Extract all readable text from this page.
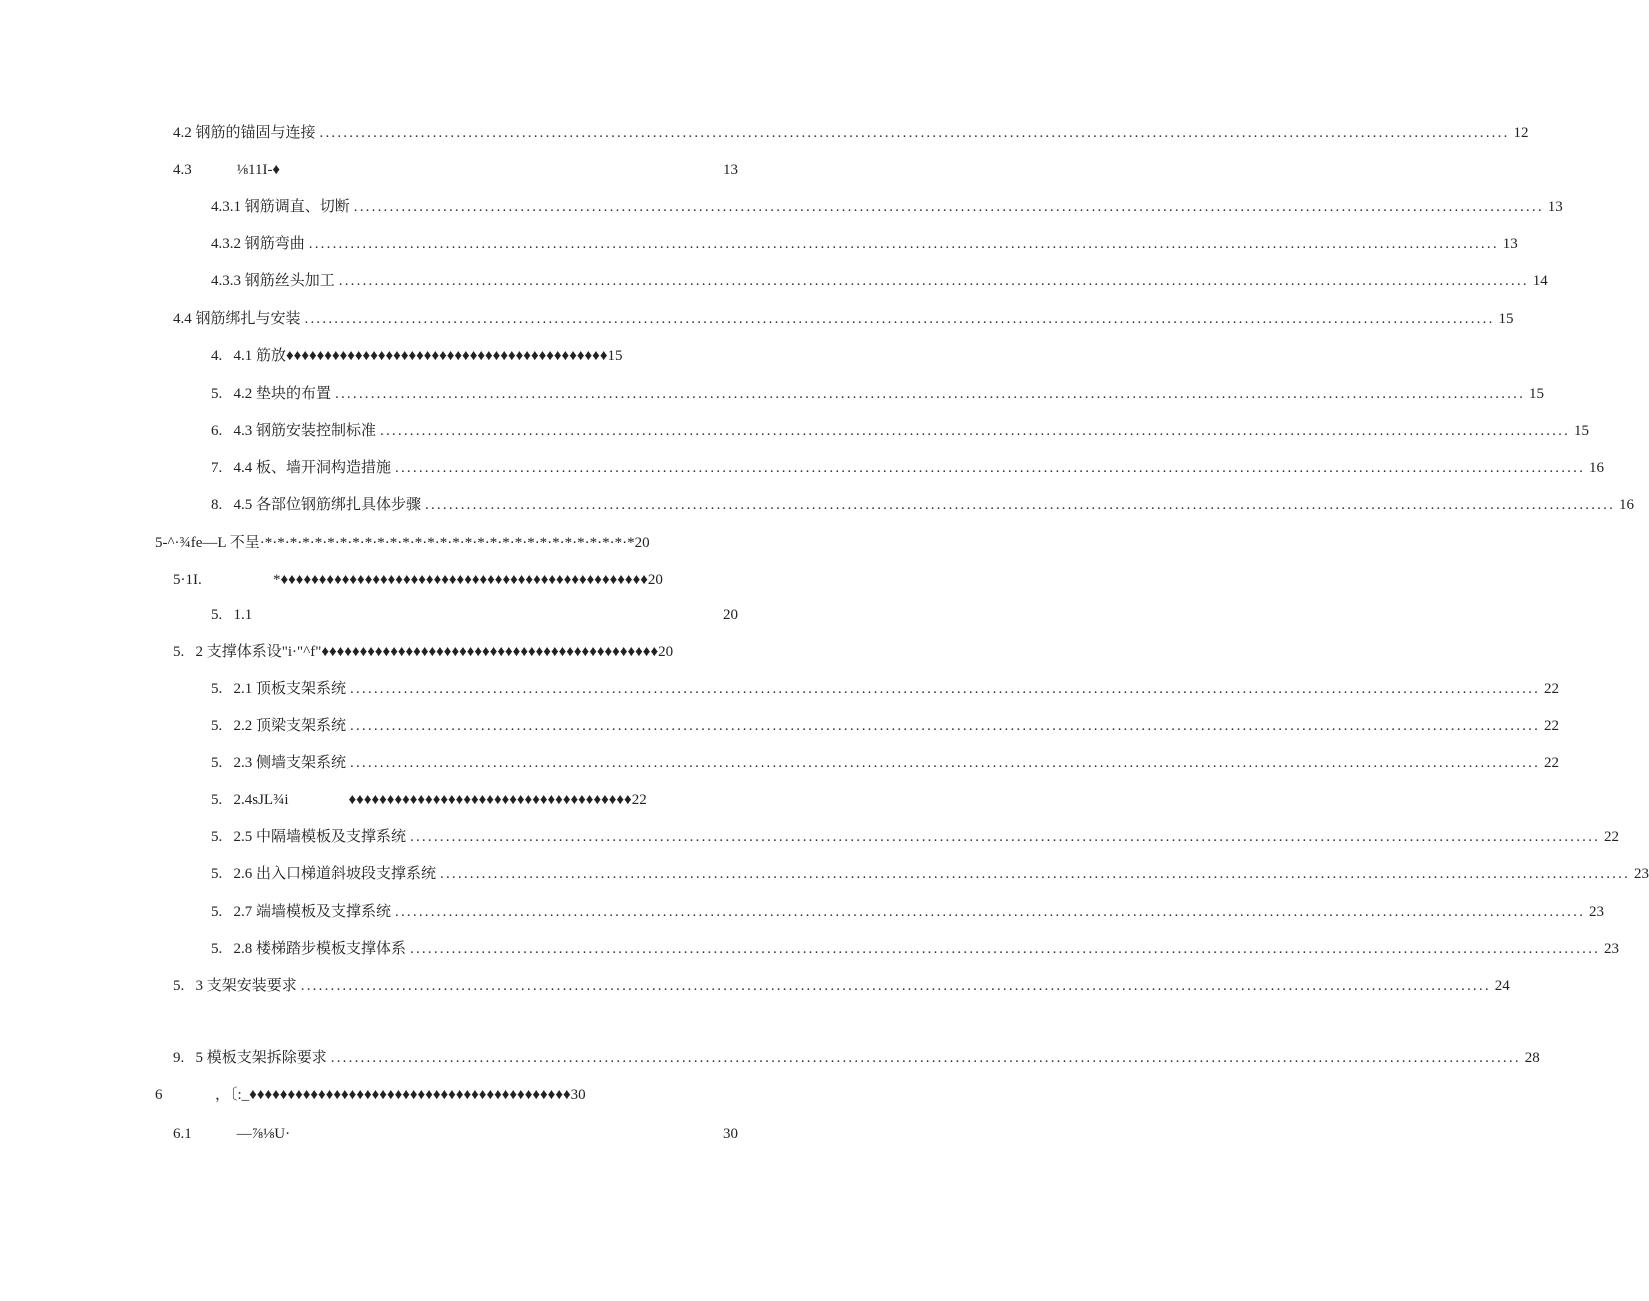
4.2 钢筋的锚固与连接 ........................................................................................................................................................................................................ 12
4.3            ⅛11I-♦	13
4.3.1 钢筋调直、切断 ........................................................................................................................................................................................................ 13
4.3.2 钢筋弯曲 ........................................................................................................................................................................................................ 13
4.3.3 钢筋丝头加工 ........................................................................................................................................................................................................ 14
4.4 钢筋绑扎与安装 ........................................................................................................................................................................................................ 15
4.   4.1 筋放 ♦♦♦♦♦♦♦♦♦♦♦♦♦♦♦♦♦♦♦♦♦♦♦♦♦♦♦♦♦♦♦♦♦♦♦♦♦♦♦♦♦♦15
5.   4.2 垫块的布置 ........................................................................................................................................................................................................ 15
6.   4.3 钢筋安装控制标准 ........................................................................................................................................................................................................ 15
7.   4.4 板、墙开洞构造措施 ........................................................................................................................................................................................................ 16
8.   4.5 各部位钢筋绑扎具体步骤 ........................................................................................................................................................................................................ 16
5-^·¾fe—L 不呈 ·*·*·*·*·*·*·*·*·*·*·*·*·*·*·*·*·*·*·*·*·*·*·*·*·*·*·*·*·*·*20
5·1I. *♦♦♦♦♦♦♦♦♦♦♦♦♦♦♦♦♦♦♦♦♦♦♦♦♦♦♦♦♦♦♦♦♦♦♦♦♦♦♦♦♦♦♦♦♦♦♦♦20
5.   1.1	20
5.   2 支撑体系设"i·"^f" ♦♦♦♦♦♦♦♦♦♦♦♦♦♦♦♦♦♦♦♦♦♦♦♦♦♦♦♦♦♦♦♦♦♦♦♦♦♦♦♦♦♦♦♦20
5.   2.1 顶板支架系统 ........................................................................................................................................................................................................ 22
5.   2.2 顶梁支架系统 ........................................................................................................................................................................................................ 22
5.   2.3 侧墙支架系统 ........................................................................................................................................................................................................ 22
5.   2.4sJL¾i ♦♦♦♦♦♦♦♦♦♦♦♦♦♦♦♦♦♦♦♦♦♦♦♦♦♦♦♦♦♦♦♦♦♦♦♦♦22
5.   2.5 中隔墙模板及支撑系统 ........................................................................................................................................................................................................ 22
5.   2.6 出入口梯道斜坡段支撑系统 ........................................................................................................................................................................................................ 23
5.   2.7 端墙模板及支撑系统 ........................................................................................................................................................................................................ 23
5.   2.8 楼梯踏步模板支撑体系 ........................................................................................................................................................................................................ 23
5.   3 支架安装要求 ........................................................................................................................................................................................................ 24
9.   5 模板支架拆除要求 ........................................................................................................................................................................................................ 28
6              ，〔:_ ♦♦♦♦♦♦♦♦♦♦♦♦♦♦♦♦♦♦♦♦♦♦♦♦♦♦♦♦♦♦♦♦♦♦♦♦♦♦♦♦♦♦30
6.1            —⅞⅛U·	30
